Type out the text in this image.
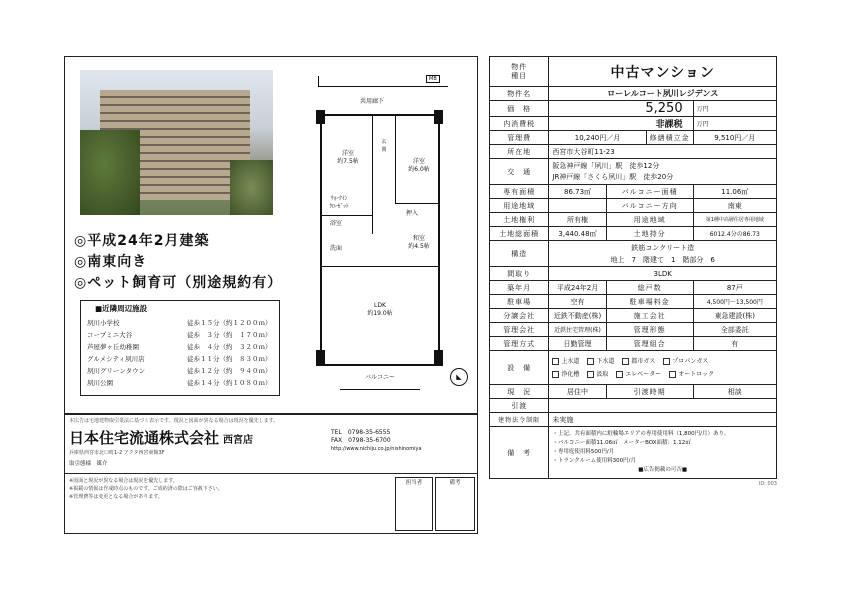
◎平成24年2月建築
◎南東向き
◎ペット飼育可（別途規約有）
■近隣周辺施設
夙川小学校	徒歩１５分（約１２００ｍ）
コープミニ大谷	徒歩　３分（約　１７０ｍ）
芦屋夢ヶ丘幼稚園	徒歩　４分（約　３２０ｍ）
グルメシティ夙川店	徒歩１１分（約　８３０ｍ）
夙川グリーンタウン	徒歩１２分（約　９４０ｍ）
夙川公園	徒歩１４分（約１０８０ｍ）
共用廊下
MB
洋室
約7.5帖	洋室
約6.0帖
和室
約4.5帖
LDK
約19.0帖
玄
関
浴室
洗面
押入
ｳｫｰｸｲﾝ
ｸﾛｰｾﾞｯﾄ
バルコニー	◣
本広告は宅地建物取引業法に基づく表示です。現況と図面が異なる場合は現況を優先します。
日本住宅流通株式会社 西宮店
TEL　 0798-35-6555
FAX　 0798-35-6700
http://www.nichiju.co.jp/nishinomiya
兵庫県西宮市北口町1-2 アクタ西宮東館3F
取引態様　 媒介
※図面と現況が異なる場合は現況を優先します。
※掲載の情報は作成時点のものです。ご成約済の際はご容赦下さい。
※管理費等は変更となる場合があります。
担当者	備考
物件
種目	中古マンション			
物件名	ローレルコート夙川レジデンス			
価　格	5,250			万円
内消費税	非課税			万円
管理費	10,240円／月		修繕積立金	9,510円／月
所在地	西宮市大谷町11-23			
交　通	阪急神戸線「夙川」駅　徒歩12分
JR神戸線「さくら夙川」駅　徒歩20分			

専有面積	86.73㎡	バルコニー面積		11.06㎡
用途地域		バルコニー方向		南東
土地権利	所有権	用途地域		第1種中高層住居専用地域
土地総面積	3,440.48㎡	土地持分		6012.4分の86.73
構造	鉄筋コンクリート造
地上　 7　 階建て　 1　 階部分　 6			

間取り	3LDK			
築年月	平成24年2月	総戸数		87戸
駐車場	空有	駐車場料金		4,500円～13,500円
分譲会社	近鉄不動産(株)	施工会社		東急建設(株)
管理会社	近鉄住宅管理(株)	管理形態		全部委託
管理方式	日勤管理	管理組合		有
設　備	上水道　 下水道　 都市ガス　 プロパンガス
浄化槽　 汲取　 エレベーター　 オートロック			
現　況	居住中	引渡時期		相談
引渡				
建物法令制限	未実施			
備　考	・上記、共有面積内に駐輪場エリアの専用使用料（1,800円/月）あり。
・バルコニー面積11.06㎡　メーターBOX面積：1.12㎡
・専用庭使用料500円/月
・トランクルーム使用料300円/月
■広告掲載の可否■			
ID: 003
